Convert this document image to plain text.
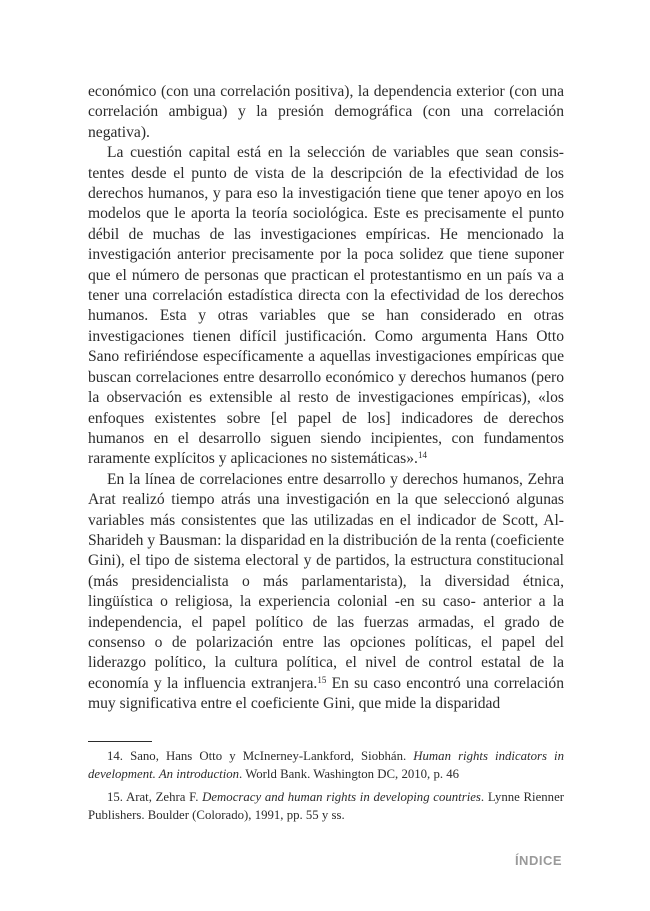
económico (con una correlación positiva), la dependencia exterior (con una correlación ambigua) y la presión demográfica (con una correlación negativa).

La cuestión capital está en la selección de variables que sean consistentes desde el punto de vista de la descripción de la efectividad de los derechos humanos, y para eso la investigación tiene que tener apoyo en los modelos que le aporta la teoría sociológica. Este es precisamente el punto débil de muchas de las investigaciones empíricas. He mencionado la investigación anterior precisamente por la poca solidez que tiene suponer que el número de personas que practican el protestantismo en un país va a tener una correlación estadística directa con la efectividad de los derechos humanos. Esta y otras variables que se han considerado en otras investigaciones tienen difícil justificación. Como argumenta Hans Otto Sano refiriéndose específicamente a aquellas investigaciones empíricas que buscan correlaciones entre desarrollo económico y derechos humanos (pero la observación es extensible al resto de investigaciones empíricas), «los enfoques existentes sobre [el papel de los] indicadores de derechos humanos en el desarrollo siguen siendo incipientes, con fundamentos raramente explícitos y aplicaciones no sistemáticas».$^{14}$

En la línea de correlaciones entre desarrollo y derechos humanos, Zehra Arat realizó tiempo atrás una investigación en la que seleccionó algunas variables más consistentes que las utilizadas en el indicador de Scott, Al-Sharideh y Bausman: la disparidad en la distribución de la renta (coeficiente Gini), el tipo de sistema electoral y de partidos, la estructura constitucional (más presidencialista o más parlamentarista), la diversidad étnica, lingüística o religiosa, la experiencia colonial -en su caso- anterior a la independencia, el papel político de las fuerzas armadas, el grado de consenso o de polarización entre las opciones políticas, el papel del liderazgo político, la cultura política, el nivel de control estatal de la economía y la influencia extranjera.$^{15}$ En su caso encontró una correlación muy significativa entre el coeficiente Gini, que mide la disparidad

14. Sano, Hans Otto y McInerney-Lankford, Siobhán. Human rights indicators in development. An introduction. World Bank. Washington DC, 2010, p. 46

15. Arat, Zehra F. Democracy and human rights in developing countries. Lynne Rienner Publishers. Boulder (Colorado), 1991, pp. 55 y ss.

ÍNDICE
